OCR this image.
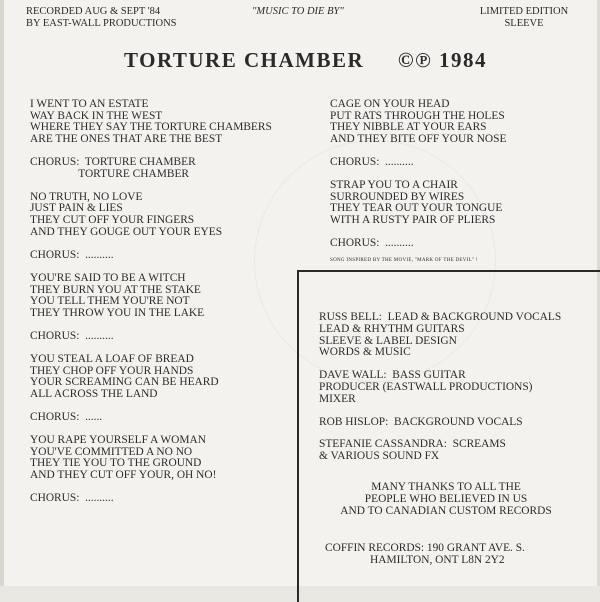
RECORDED AUG & SEPT '84
BY EAST-WALL PRODUCTIONS
"MUSIC TO DIE BY"	LIMITED EDITION
SLEEVE
TORTURE CHAMBER     ©℗ 1984
I WENT TO AN ESTATE
WAY BACK IN THE WEST
WHERE THEY SAY THE TORTURE CHAMBERS
ARE THE ONES THAT ARE THE BEST
CHORUS:  TORTURE CHAMBER
TORTURE CHAMBER
NO TRUTH, NO LOVE
JUST PAIN & LIES
THEY CUT OFF YOUR FINGERS
AND THEY GOUGE OUT YOUR EYES
CHORUS:  ..........
YOU'RE SAID TO BE A WITCH
THEY BURN YOU AT THE STAKE
YOU TELL THEM YOU'RE NOT
THEY THROW YOU IN THE LAKE
CHORUS:  ..........
YOU STEAL A LOAF OF BREAD
THEY CHOP OFF YOUR HANDS
YOUR SCREAMING CAN BE HEARD
ALL ACROSS THE LAND
CHORUS:  ......
YOU RAPE YOURSELF A WOMAN
YOU'VE COMMITTED A NO NO
THEY TIE YOU TO THE GROUND
AND THEY CUT OFF YOUR, OH NO!
CHORUS:  ..........
CAGE ON YOUR HEAD
PUT RATS THROUGH THE HOLES
THEY NIBBLE AT YOUR EARS
AND THEY BITE OFF YOUR NOSE
CHORUS:  ..........
STRAP YOU TO A CHAIR
SURROUNDED BY WIRES
THEY TEAR OUT YOUR TONGUE
WITH A RUSTY PAIR OF PLIERS
CHORUS:  ..........
SONG INSPIRED BY THE MOVIE, "MARK OF THE DEVIL" !
RUSS BELL:  LEAD & BACKGROUND VOCALS
LEAD & RHYTHM GUITARS
SLEEVE & LABEL DESIGN
WORDS & MUSIC
DAVE WALL:  BASS GUITAR
PRODUCER (EASTWALL PRODUCTIONS)
MIXER
ROB HISLOP:  BACKGROUND VOCALS
STEFANIE CASSANDRA:  SCREAMS
& VARIOUS SOUND FX
MANY THANKS TO ALL THE
PEOPLE WHO BELIEVED IN US
AND TO CANADIAN CUSTOM RECORDS
COFFIN RECORDS: 190 GRANT AVE. S.
HAMILTON, ONT L8N 2Y2
